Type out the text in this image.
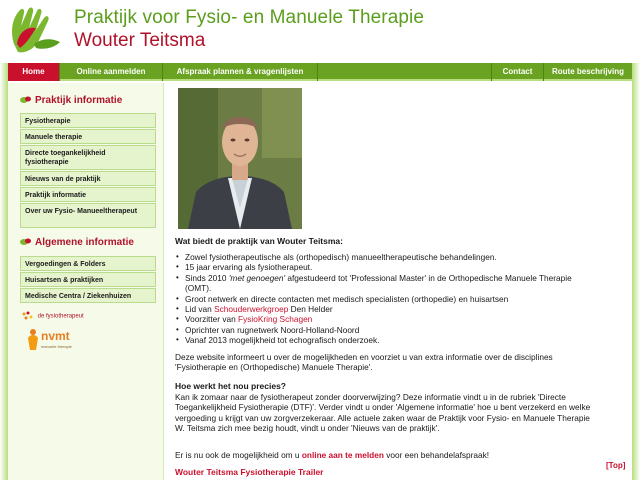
Praktijk voor Fysio- en Manuele Therapie
Wouter Teitsma
Home	Online aanmelden	Afspraak plannen & vragenlijsten	Contact	Route beschrijving
Praktijk informatie
Fysiotherapie
Manuele therapie
Directe toegankelijkheid fysiotherapie
Nieuws van de praktijk
Praktijk informatie
Over uw Fysio- Manueeltherapeut
Algemene informatie
Vergoedingen & Folders
Huisartsen & praktijken
Medische Centra / Ziekenhuizen
de fysiotherapeut
nvmt
manuele therapie
Wat biedt de praktijk van Wouter Teitsma:
• Zowel fysiotherapeutische als (orthopedisch) manueeltherapeutische behandelingen.
• 15 jaar ervaring als fysiotherapeut.
• Sinds 2010 'met genoegen' afgestudeerd tot 'Professional Master' in de Orthopedische Manuele Therapie
(OMT).
• Groot netwerk en directe contacten met medisch specialisten (orthopedie) en huisartsen
• Lid van Schouderwerkgroep Den Helder
• Voorzitter van FysioKring Schagen
• Oprichter van rugnetwerk Noord-Holland-Noord
• Vanaf 2013 mogelijkheid tot echografisch onderzoek.
Deze website informeert u over de mogelijkheden en voorziet u van extra informatie over de disciplines
'Fysiotherapie en (Orthopedische) Manuele Therapie'.
Hoe werkt het nou precies?
Kan ik zomaar naar de fysiotherapeut zonder doorverwijzing? Deze informatie vindt u in de rubriek 'Directe
Toegankelijkheid Fysiotherapie (DTF)'. Verder vindt u onder 'Algemene informatie' hoe u bent verzekerd en welke
vergoeding u krijgt van uw zorgverzekeraar. Alle actuele zaken waar de Praktijk voor Fysio- en Manuele Therapie
W. Teitsma zich mee bezig houdt, vindt u onder 'Nieuws van de praktijk'.
Er is nu ook de mogelijkheid om u online aan te melden voor een behandelafspraak!
[Top]
Wouter Teitsma Fysiotherapie Trailer
